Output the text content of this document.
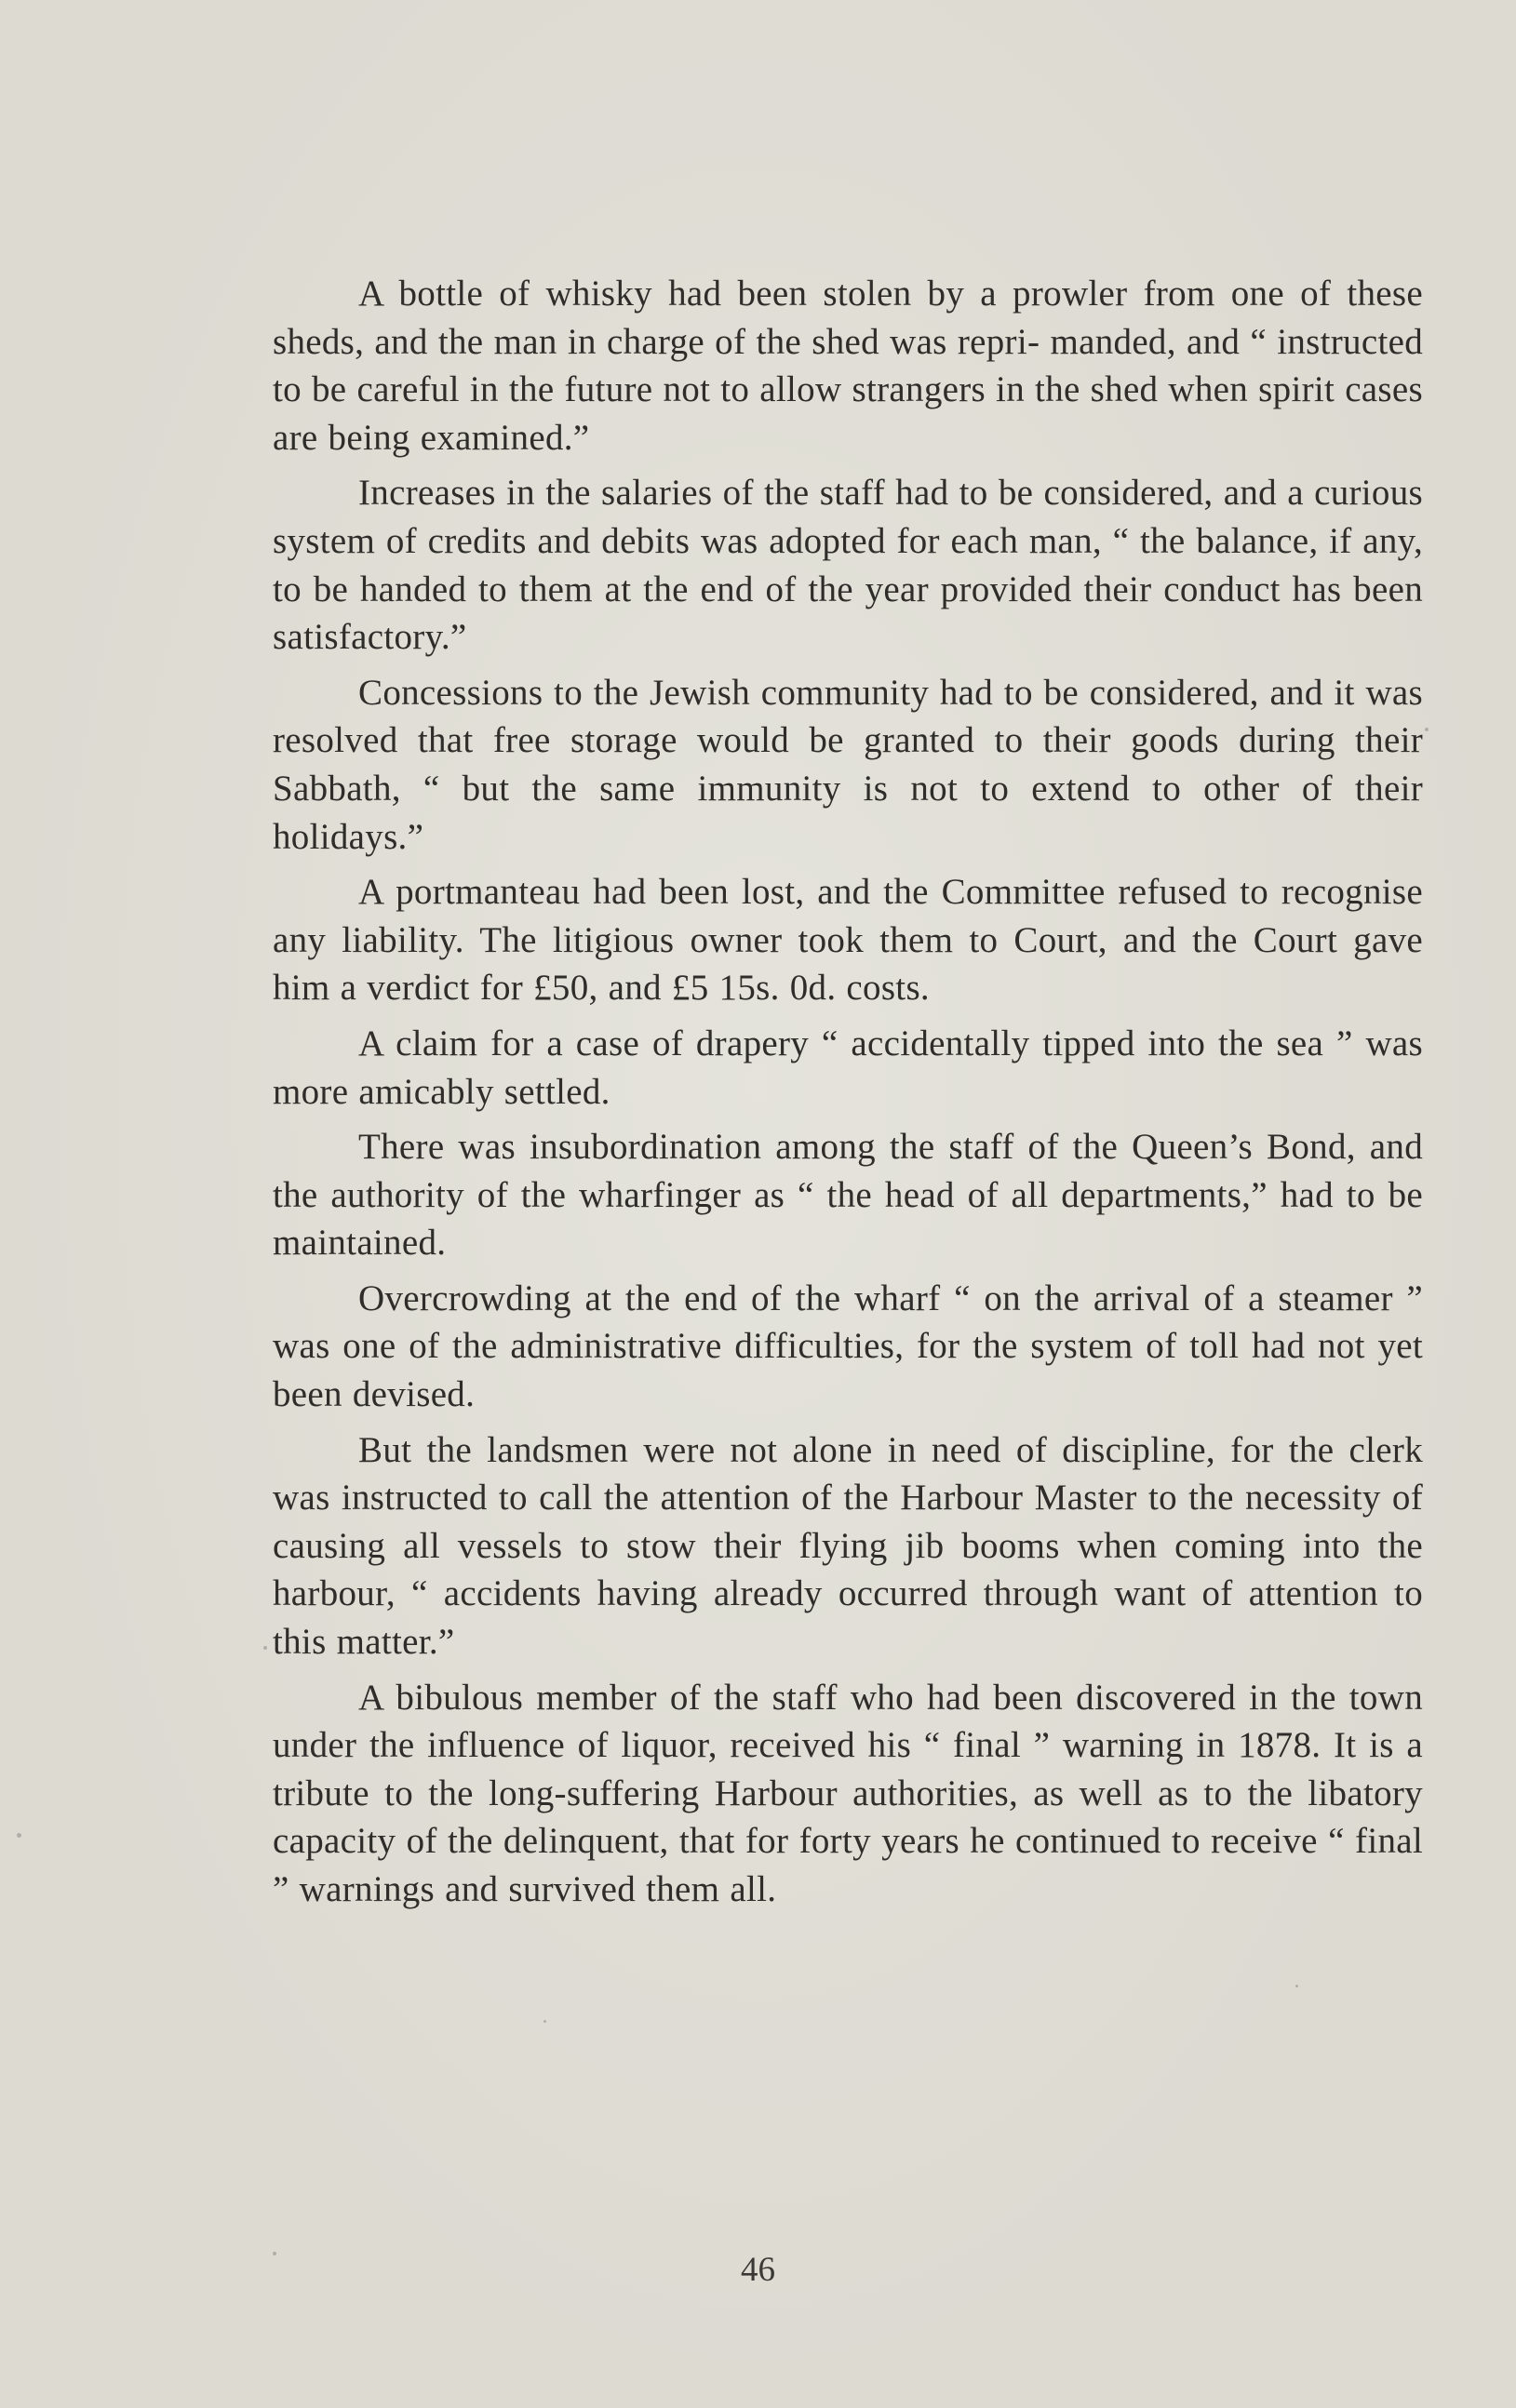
A bottle of whisky had been stolen by a prowler from one of these sheds, and the man in charge of the shed was repri- manded, and “ instructed to be careful in the future not to allow strangers in the shed when spirit cases are being examined.”

Increases in the salaries of the staff had to be considered, and a curious system of credits and debits was adopted for each man, “ the balance, if any, to be handed to them at the end of the year provided their conduct has been satisfactory.”

Concessions to the Jewish community had to be considered, and it was resolved that free storage would be granted to their goods during their Sabbath, “ but the same immunity is not to extend to other of their holidays.”

A portmanteau had been lost, and the Committee refused to recognise any liability. The litigious owner took them to Court, and the Court gave him a verdict for £50, and £5 15s. 0d. costs.

A claim for a case of drapery “ accidentally tipped into the sea ” was more amicably settled.

There was insubordination among the staff of the Queen’s Bond, and the authority of the wharfinger as “ the head of all departments,” had to be maintained.

Overcrowding at the end of the wharf “ on the arrival of a steamer ” was one of the administrative difficulties, for the system of toll had not yet been devised.

But the landsmen were not alone in need of discipline, for the clerk was instructed to call the attention of the Harbour Master to the necessity of causing all vessels to stow their flying jib booms when coming into the harbour, “ accidents having already occurred through want of attention to this matter.”

A bibulous member of the staff who had been discovered in the town under the influence of liquor, received his “ final ” warning in 1878. It is a tribute to the long-suffering Harbour authorities, as well as to the libatory capacity of the delinquent, that for forty years he continued to receive “ final ” warnings and survived them all.

46
